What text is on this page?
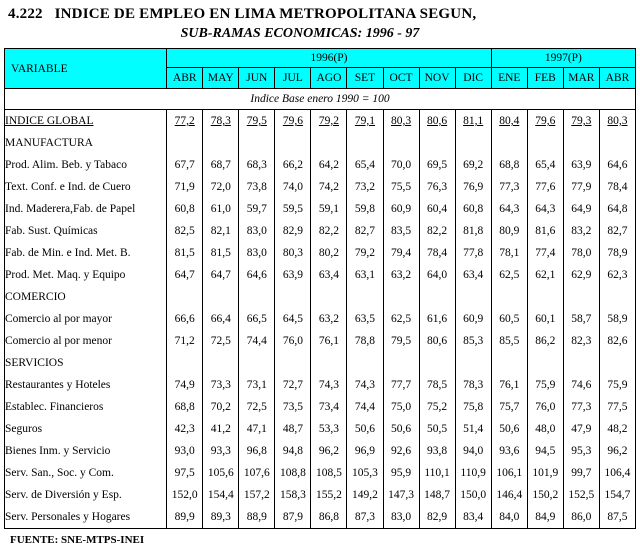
4.222 INDICE DE EMPLEO EN LIMA METROPOLITANA SEGUN,
SUB-RAMAS ECONOMICAS: 1996 - 97
VARIABLE	1996(P)									1997(P)			
	ABR	MAY	JUN	JUL	AGO	SET	OCT	NOV	DIC	ENE	FEB	MAR	ABR
Indice Base enero 1990 = 100													
INDICE GLOBAL	77,2	78,3	79,5	79,6	79,2	79,1	80,3	80,6	81,1	80,4	79,6	79,3	80,3
MANUFACTURA													
Prod. Alim. Beb. y Tabaco	67,7	68,7	68,3	66,2	64,2	65,4	70,0	69,5	69,2	68,8	65,4	63,9	64,6
Text. Conf. e Ind. de Cuero	71,9	72,0	73,8	74,0	74,2	73,2	75,5	76,3	76,9	77,3	77,6	77,9	78,4
Ind. Maderera,Fab. de Papel	60,8	61,0	59,7	59,5	59,1	59,8	60,9	60,4	60,8	64,3	64,3	64,9	64,8
Fab. Sust. Químicas	82,5	82,1	83,0	82,9	82,2	82,7	83,5	82,2	81,8	80,9	81,6	83,2	82,7
Fab. de Min. e Ind. Met. B.	81,5	81,5	83,0	80,3	80,2	79,2	79,4	78,4	77,8	78,1	77,4	78,0	78,9
Prod. Met. Maq. y Equipo	64,7	64,7	64,6	63,9	63,4	63,1	63,2	64,0	63,4	62,5	62,1	62,9	62,3
COMERCIO													
Comercio al por mayor	66,6	66,4	66,5	64,5	63,2	63,5	62,5	61,6	60,9	60,5	60,1	58,7	58,9
Comercio al por menor	71,2	72,5	74,4	76,0	76,1	78,8	79,5	80,6	85,3	85,5	86,2	82,3	82,6
SERVICIOS													
Restaurantes y Hoteles	74,9	73,3	73,1	72,7	74,3	74,3	77,7	78,5	78,3	76,1	75,9	74,6	75,9
Establec. Financieros	68,8	70,2	72,5	73,5	73,4	74,4	75,0	75,2	75,8	75,7	76,0	77,3	77,5
Seguros	42,3	41,2	47,1	48,7	53,3	50,6	50,6	50,5	51,4	50,6	48,0	47,9	48,2
Bienes Inm. y Servicio	93,0	93,3	96,8	94,8	96,2	96,9	92,6	93,8	94,0	93,6	94,5	95,3	96,2
Serv. San., Soc. y Com.	97,5	105,6	107,6	108,8	108,5	105,3	95,9	110,1	110,9	106,1	101,9	99,7	106,4
Serv. de Diversión y Esp.	152,0	154,4	157,2	158,3	155,2	149,2	147,3	148,7	150,0	146,4	150,2	152,5	154,7
Serv. Personales y Hogares	89,9	89,3	88,9	87,9	86,8	87,3	83,0	82,9	83,4	84,0	84,9	86,0	87,5
FUENTE: SNE-MTPS-INEI
